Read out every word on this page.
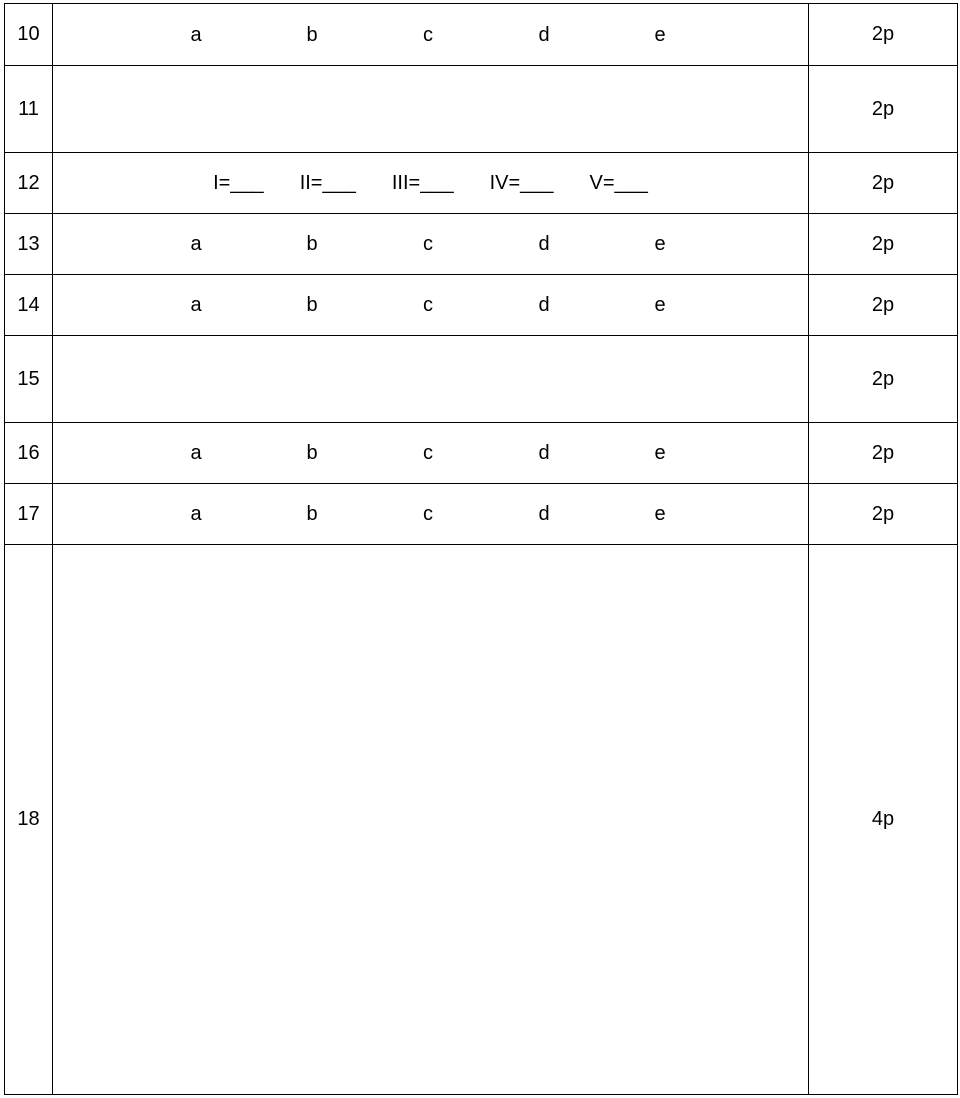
10	a b c d e	2p
11		2p
12	I=___ II=___ III=___ IV=___ V=___	2p
13	a b c d e	2p
14	a b c d e	2p
15		2p
16	a b c d e	2p
17	a b c d e	2p
18		4p
